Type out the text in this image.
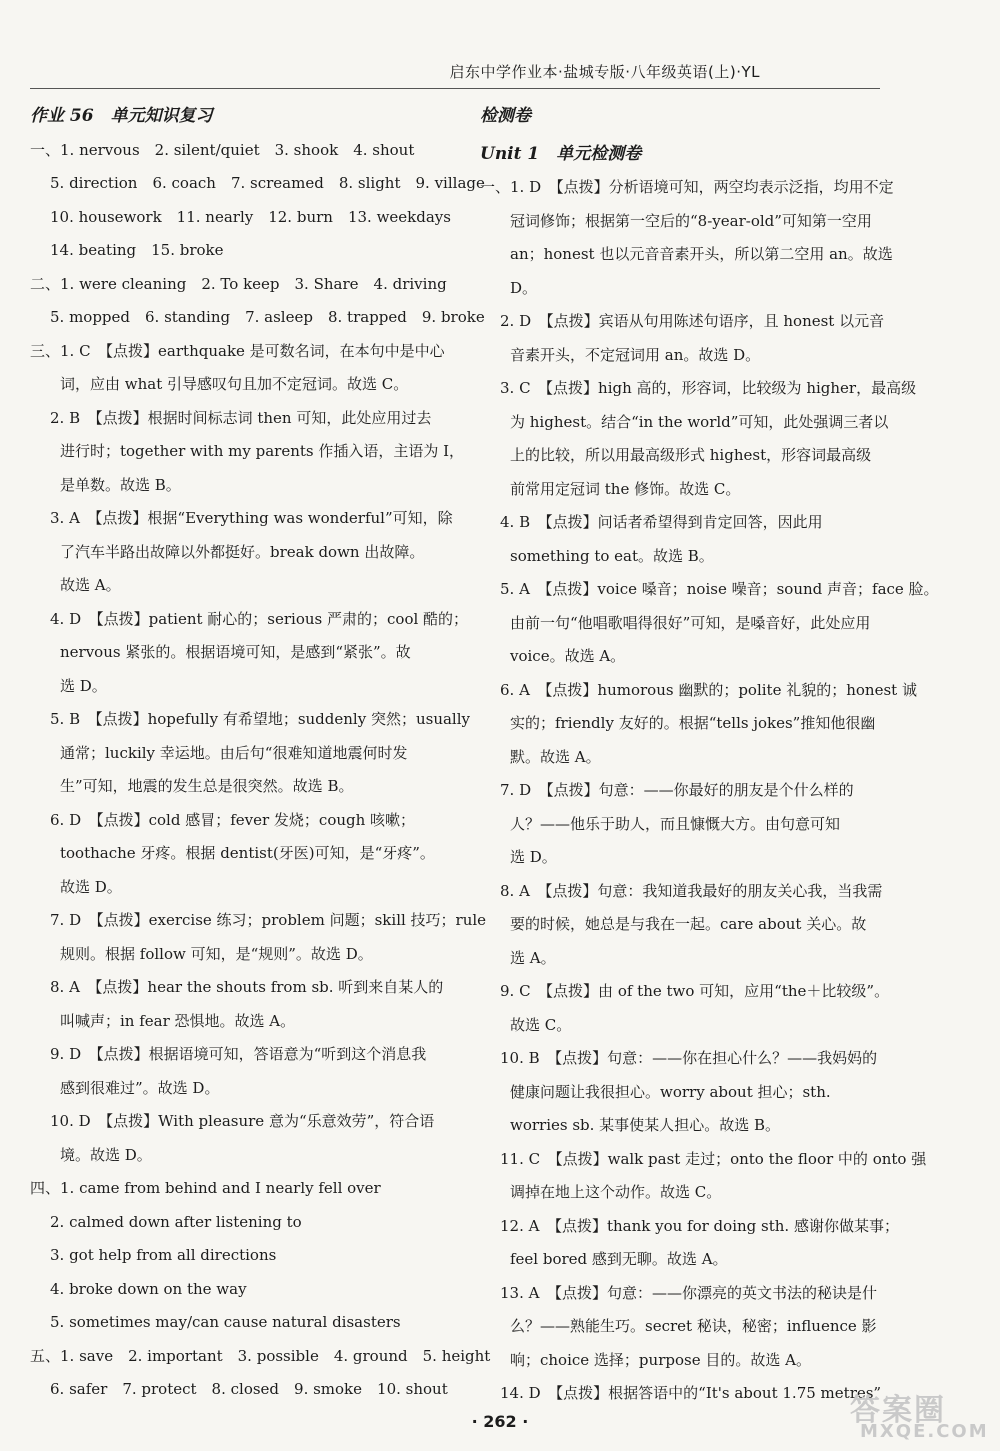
启东中学作业本·盐城专版·八年级英语(上)·YL
作业 56　单元知识复习
一、1. nervous　2. silent/quiet　3. shook　4. shout
5. direction　6. coach　7. screamed　8. slight　9. village
10. housework　11. nearly　12. burn　13. weekdays
14. beating　15. broke
二、1. were cleaning　2. To keep　3. Share　4. driving
5. mopped　6. standing　7. asleep　8. trapped　9. broke
三、1. C　【点拨】earthquake 是可数名词，在本句中是中心
词，应由 what 引导感叹句且加不定冠词。故选 C。
2. B　【点拨】根据时间标志词 then 可知，此处应用过去
进行时；together with my parents 作插入语，主语为 I，
是单数。故选 B。
3. A　【点拨】根据“Everything was wonderful”可知，除
了汽车半路出故障以外都挺好。break down 出故障。
故选 A。
4. D　【点拨】patient 耐心的；serious 严肃的；cool 酷的；
nervous 紧张的。根据语境可知，是感到“紧张”。故
选 D。
5. B　【点拨】hopefully 有希望地；suddenly 突然；usually
通常；luckily 幸运地。由后句“很难知道地震何时发
生”可知，地震的发生总是很突然。故选 B。
6. D　【点拨】cold 感冒；fever 发烧；cough 咳嗽；
toothache 牙疼。根据 dentist(牙医)可知，是“牙疼”。
故选 D。
7. D　【点拨】exercise 练习；problem 问题；skill 技巧；rule
规则。根据 follow 可知，是“规则”。故选 D。
8. A　【点拨】hear the shouts from sb. 听到来自某人的
叫喊声；in fear 恐惧地。故选 A。
9. D　【点拨】根据语境可知，答语意为“听到这个消息我
感到很难过”。故选 D。
10. D　【点拨】With pleasure 意为“乐意效劳”，符合语
境。故选 D。
四、1. came from behind and I nearly fell over
2. calmed down after listening to
3. got help from all directions
4. broke down on the way
5. sometimes may/can cause natural disasters
五、1. save　2. important　3. possible　4. ground　5. height
6. safer　7. protect　8. closed　9. smoke　10. shout
检测卷
Unit 1　单元检测卷
一、1. D　【点拨】分析语境可知，两空均表示泛指，均用不定
冠词修饰；根据第一空后的“8-year-old”可知第一空用
an；honest 也以元音音素开头，所以第二空用 an。故选
D。
2. D　【点拨】宾语从句用陈述句语序，且 honest 以元音
音素开头，不定冠词用 an。故选 D。
3. C　【点拨】high 高的，形容词，比较级为 higher，最高级
为 highest。结合“in the world”可知，此处强调三者以
上的比较，所以用最高级形式 highest，形容词最高级
前常用定冠词 the 修饰。故选 C。
4. B　【点拨】问话者希望得到肯定回答，因此用
something to eat。故选 B。
5. A　【点拨】voice 嗓音；noise 噪音；sound 声音；face 脸。
由前一句“他唱歌唱得很好”可知，是嗓音好，此处应用
voice。故选 A。
6. A　【点拨】humorous 幽默的；polite 礼貌的；honest 诚
实的；friendly 友好的。根据“tells jokes”推知他很幽
默。故选 A。
7. D　【点拨】句意：——你最好的朋友是个什么样的
人？——他乐于助人，而且慷慨大方。由句意可知
选 D。
8. A　【点拨】句意：我知道我最好的朋友关心我，当我需
要的时候，她总是与我在一起。care about 关心。故
选 A。
9. C　【点拨】由 of the two 可知，应用“the＋比较级”。
故选 C。
10. B　【点拨】句意：——你在担心什么？——我妈妈的
健康问题让我很担心。worry about 担心；sth.
worries sb. 某事使某人担心。故选 B。
11. C　【点拨】walk past 走过；onto the floor 中的 onto 强
调掉在地上这个动作。故选 C。
12. A　【点拨】thank you for doing sth. 感谢你做某事；
feel bored 感到无聊。故选 A。
13. A　【点拨】句意：——你漂亮的英文书法的秘诀是什
么？——熟能生巧。secret 秘诀，秘密；influence 影
响；choice 选择；purpose 目的。故选 A。
14. D　【点拨】根据答语中的“It's about 1.75 metres”
· 262 ·	答案圈
MXQE.COM
